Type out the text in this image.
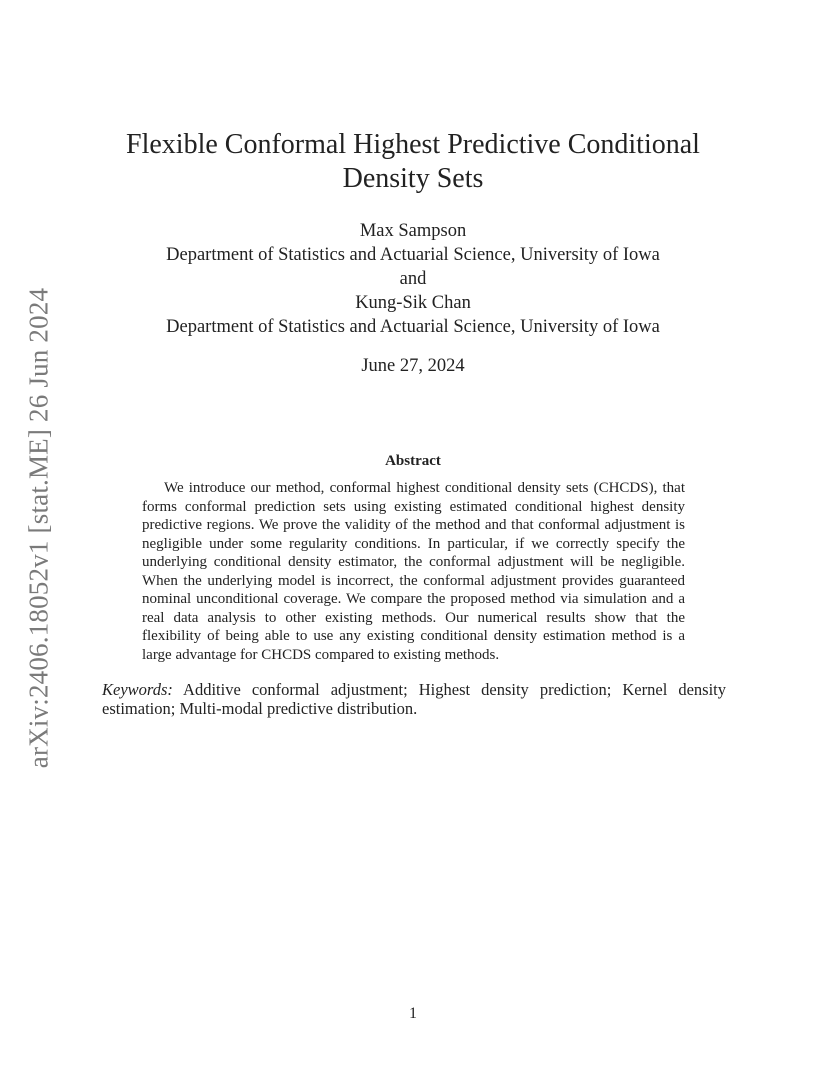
arXiv:2406.18052v1 [stat.ME] 26 Jun 2024
Flexible Conformal Highest Predictive Conditional
Density Sets
Max Sampson
Department of Statistics and Actuarial Science, University of Iowa
and
Kung-Sik Chan
Department of Statistics and Actuarial Science, University of Iowa
June 27, 2024
Abstract

We introduce our method, conformal highest conditional density sets (CHCDS), that forms conformal prediction sets using existing estimated conditional highest density predictive regions. We prove the validity of the method and that conformal adjustment is negligible under some regularity conditions. In particular, if we correctly specify the underlying conditional density estimator, the conformal adjustment will be negligible. When the underlying model is incorrect, the conformal adjustment provides guaranteed nominal unconditional coverage. We compare the proposed method via simulation and a real data analysis to other existing methods. Our numerical results show that the flexibility of being able to use any existing conditional density estimation method is a large advantage for CHCDS compared to existing methods.

Keywords: Additive conformal adjustment; Highest density prediction; Kernel density estimation; Multi-modal predictive distribution.

1
